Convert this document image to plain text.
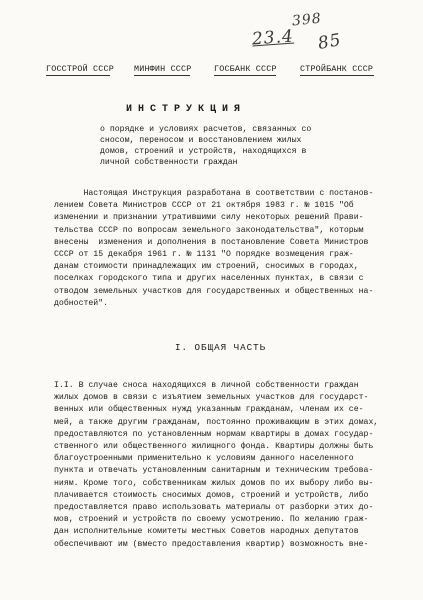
398
23.4 85
ГОССТРОЙ СССР МИНФИН СССР	ГОСБАНК СССР	СТРОЙБАНК СССР
ИНСТРУКЦИЯ
о порядке и условиях расчетов, связанных со
сносом, переносом и восстановлением жилых
домов, строений и устройств, находящихся в
личной собственности граждан
Настоящая Инструкция разработана в соответствии с постанов-
лением Совета Министров СССР от 21 октября 1983 г. № 1015 "Об
изменении и признании утратившими силу некоторых решений Прави-
тельства СССР по вопросам земельного законодательства", которым
внесены  изменения и дополнения в постановление Совета Министров
СССР от 15 декабря 1961 г. № 1131 "О порядке возмещения граж-
данам стоимости принадлежащих им строений, сносимых в городах,
поселках городского типа и других населенных пунктах, в связи с
отводом земельных участков для государственных и общественных на-
добностей".
I. ОБЩАЯ ЧАСТЬ
I.I. В случае сноса находящихся в личной собственности граждан
жилых домов в связи с изъятием земельных участков для государст-
венных или общественных нужд указанным гражданам, членам их се-
мей, а также другим гражданам, постоянно проживающим в этих домах,
предоставляются по установленным нормам квартиры в домах государ-
ственного или общественного жилищного фонда. Квартиры должны быть
благоустроенными применительно к условиям данного населенного
пункта и отвечать установленным санитарным и техническим требова-
ниям. Кроме того, собственникам жилых домов по их выбору либо вы-
плачивается стоимость сносимых домов, строений и устройств, либо
предоставляется право использовать материалы от разборки этих до-
мов, строений и устройств по своему усмотрению. По желанию граж-
дан исполнительные комитеты местных Советов народных депутатов
обеспечивают им (вместо предоставления квартир) возможность вне-
